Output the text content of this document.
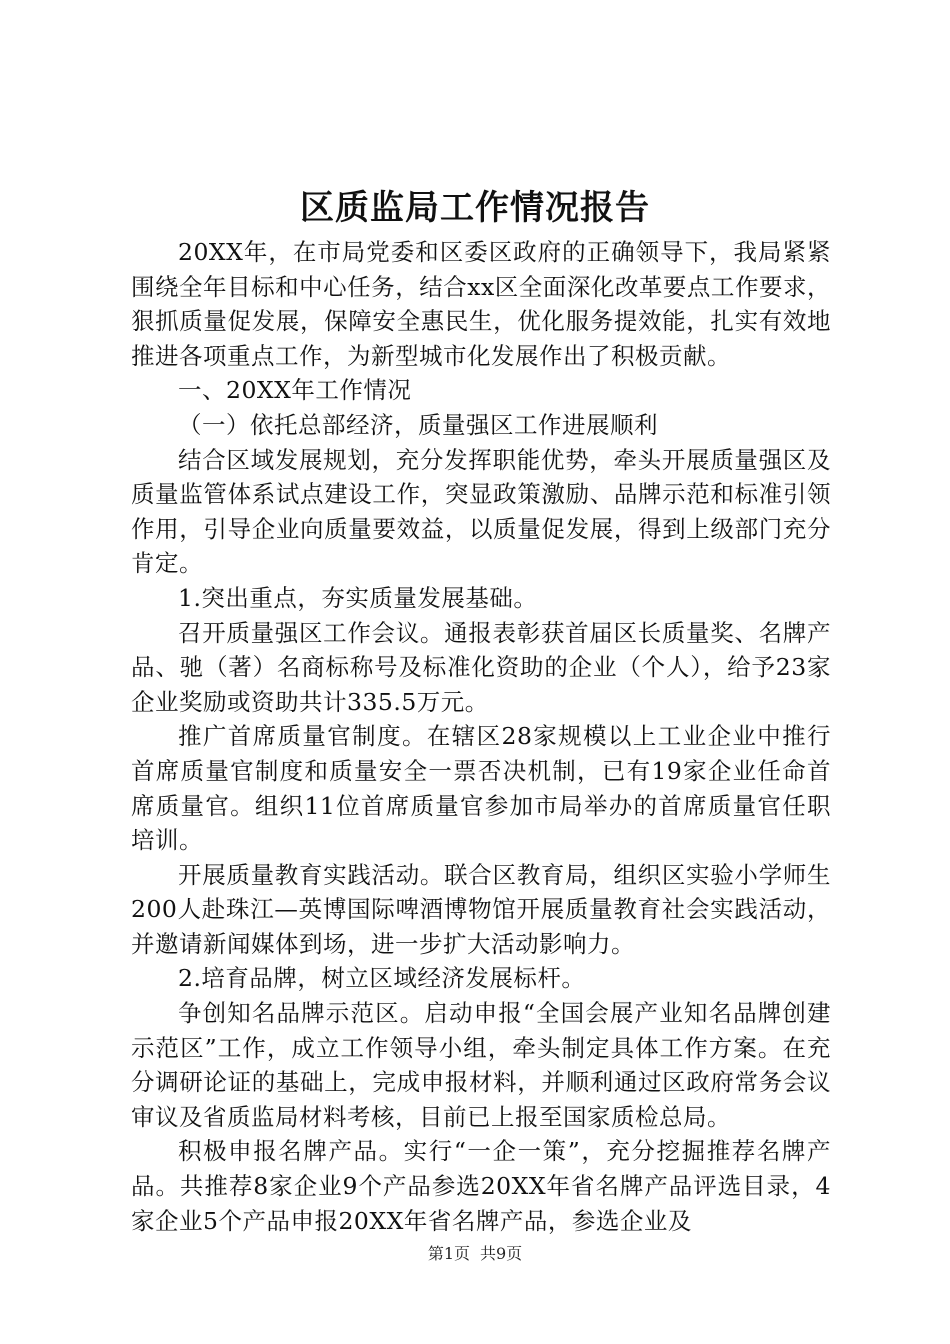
区质监局工作情况报告

20XX年，在市局党委和区委区政府的正确领导下，我局紧紧围绕全年目标和中心任务，结合xx区全面深化改革要点工作要求，狠抓质量促发展，保障安全惠民生，优化服务提效能，扎实有效地推进各项重点工作，为新型城市化发展作出了积极贡献。

一、20XX年工作情况

（一）依托总部经济，质量强区工作进展顺利

结合区域发展规划，充分发挥职能优势，牵头开展质量强区及质量监管体系试点建设工作，突显政策激励、品牌示范和标准引领作用，引导企业向质量要效益，以质量促发展，得到上级部门充分肯定。

1.突出重点，夯实质量发展基础。

召开质量强区工作会议。通报表彰获首届区长质量奖、名牌产品、驰（著）名商标称号及标准化资助的企业（个人），给予23家企业奖励或资助共计335.5万元。

推广首席质量官制度。在辖区28家规模以上工业企业中推行首席质量官制度和质量安全一票否决机制，已有19家企业任命首席质量官。组织11位首席质量官参加市局举办的首席质量官任职培训。

开展质量教育实践活动。联合区教育局，组织区实验小学师生200人赴珠江—英博国际啤酒博物馆开展质量教育社会实践活动，并邀请新闻媒体到场，进一步扩大活动影响力。

2.培育品牌，树立区域经济发展标杆。

争创知名品牌示范区。启动申报“全国会展产业知名品牌创建示范区”工作，成立工作领导小组，牵头制定具体工作方案。在充分调研论证的基础上，完成申报材料，并顺利通过区政府常务会议审议及省质监局材料考核，目前已上报至国家质检总局。

积极申报名牌产品。实行“一企一策”，充分挖掘推荐名牌产品。共推荐8家企业9个产品参选20XX年省名牌产品评选目录，4家企业5个产品申报20XX年省名牌产品，参选企业及

第1页 共9页
